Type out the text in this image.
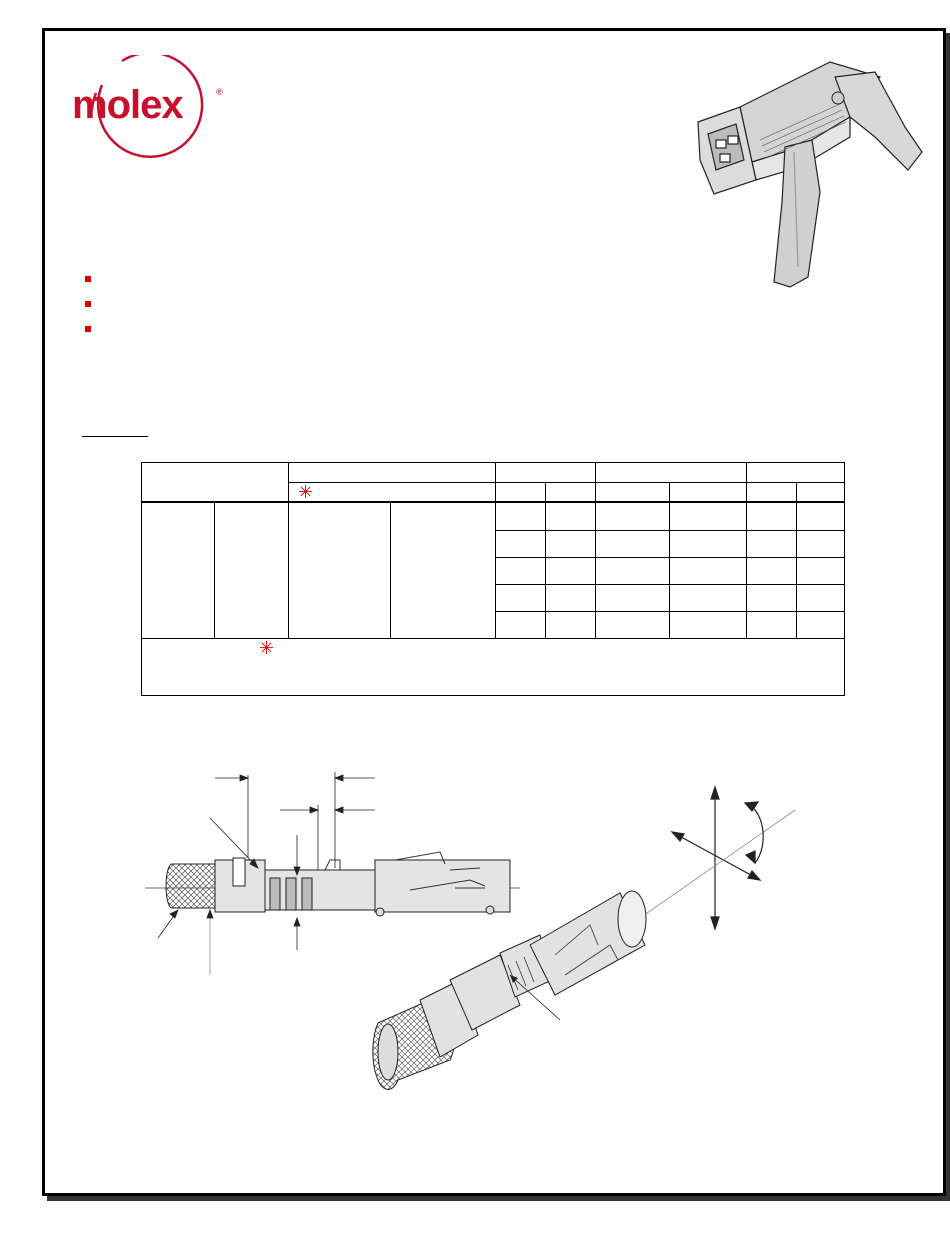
molex	®
✳
✳
